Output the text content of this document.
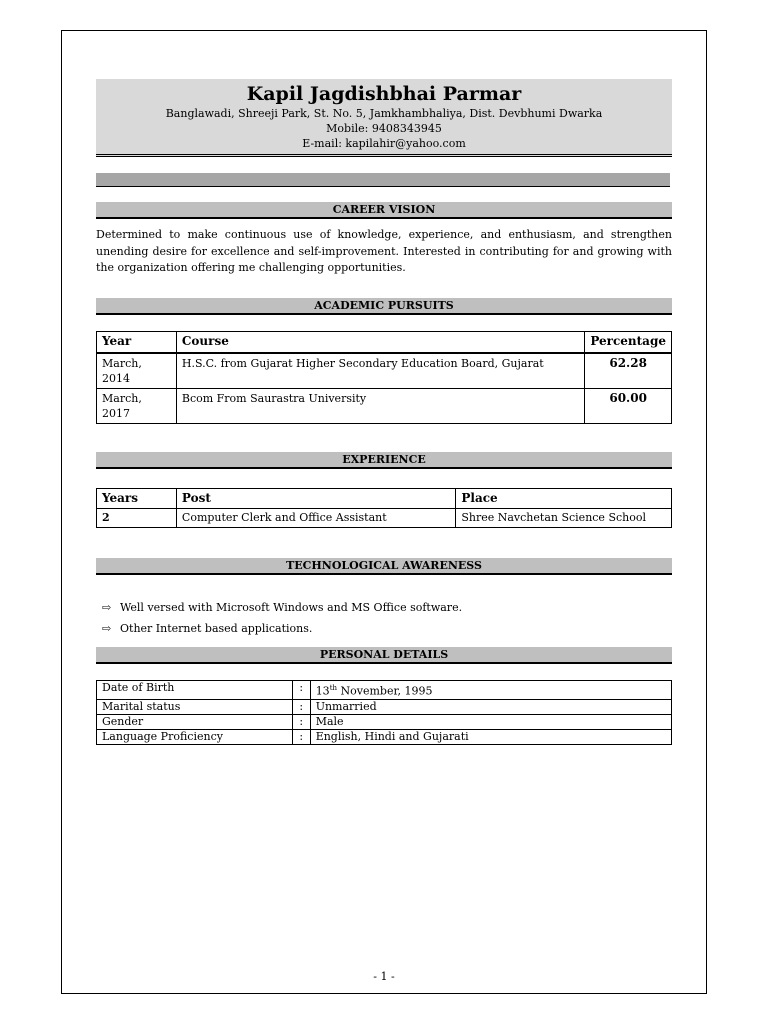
Kapil Jagdishbhai Parmar
Banglawadi, Shreeji Park, St. No. 5, Jamkhambhaliya, Dist. Devbhumi Dwarka
Mobile: 9408343945
E-mail: kapilahir@yahoo.com
CAREER VISION
Determined to make continuous use of knowledge, experience, and enthusiasm, and strengthen unending desire for excellence and self-improvement. Interested in contributing for and growing with the organization offering me challenging opportunities.
ACADEMIC PURSUITS
Year	Course	Percentage
March, 2014	H.S.C. from Gujarat Higher Secondary Education Board, Gujarat	62.28
March, 2017	Bcom From Saurastra University	60.00
EXPERIENCE
Years	Post	Place
2	Computer Clerk and Office Assistant	Shree Navchetan Science School
TECHNOLOGICAL AWARENESS
⇨ Well versed with Microsoft Windows and MS Office software.
⇨ Other Internet based applications.
PERSONAL DETAILS
Date of Birth	:	13th November, 1995
Marital status	:	Unmarried
Gender	:	Male
Language Proficiency	:	English, Hindi and Gujarati
- 1 -
